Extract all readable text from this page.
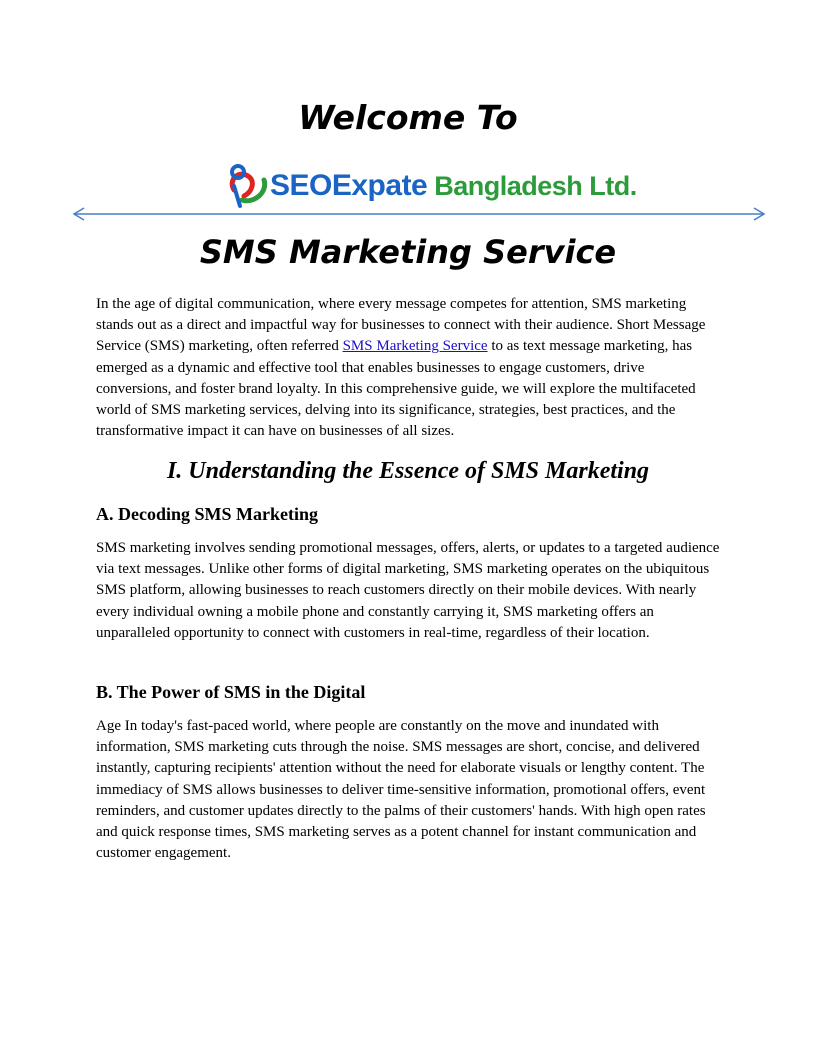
Welcome To
SEOExpate Bangladesh Ltd.
SMS Marketing Service

In the age of digital communication, where every message competes for attention, SMS marketing stands out as a direct and impactful way for businesses to connect with their audience. Short Message Service (SMS) marketing, often referred SMS Marketing Service to as text message marketing, has emerged as a dynamic and effective tool that enables businesses to engage customers, drive conversions, and foster brand loyalty. In this comprehensive guide, we will explore the multifaceted world of SMS marketing services, delving into its significance, strategies, best practices, and the transformative impact it can have on businesses of all sizes.

I. Understanding the Essence of SMS Marketing
A. Decoding SMS Marketing

SMS marketing involves sending promotional messages, offers, alerts, or updates to a targeted audience via text messages. Unlike other forms of digital marketing, SMS marketing operates on the ubiquitous SMS platform, allowing businesses to reach customers directly on their mobile devices. With nearly every individual owning a mobile phone and constantly carrying it, SMS marketing offers an unparalleled opportunity to connect with customers in real-time, regardless of their location.

B. The Power of SMS in the Digital

Age In today's fast-paced world, where people are constantly on the move and inundated with information, SMS marketing cuts through the noise. SMS messages are short, concise, and delivered instantly, capturing recipients' attention without the need for elaborate visuals or lengthy content. The immediacy of SMS allows businesses to deliver time-sensitive information, promotional offers, event reminders, and customer updates directly to the palms of their customers' hands. With high open rates and quick response times, SMS marketing serves as a potent channel for instant communication and customer engagement.
